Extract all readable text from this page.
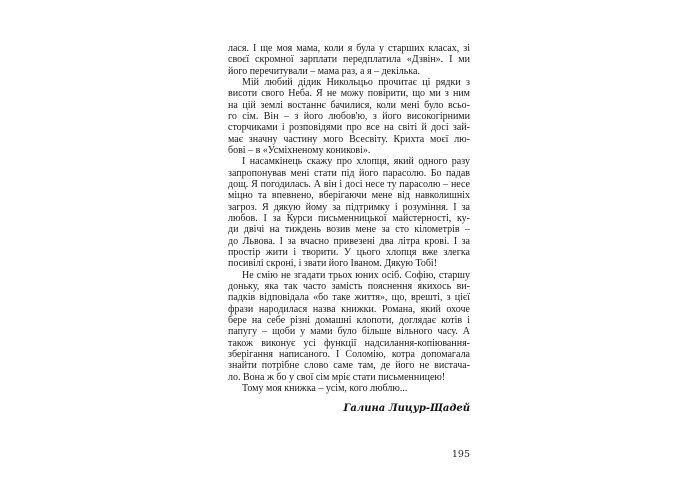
лася. І ще моя мама, коли я була у старших класах, зі
своєї скромної зарплати передплатила «Дзвін». І ми
його перечитували – мама раз, а я – декілька.
Мій любий дідик Никольцьо прочитає ці рядки з
висоти свого Неба. Я не можу повірити, що ми з ним
на цій землі востаннє бачилися, коли мені було всьо-
го сім. Він – з його любов'ю, з його високогірними
сторчиками і розповідями про все на світі й досі зай-
має значну частину мого Всесвіту. Крихта моєї лю-
бові – в «Усміхненому коникові».
І насамкінець скажу про хлопця, який одного разу
запропонував мені стати під його парасолю. Бо падав
дощ. Я погодилась. А він і досі несе ту парасолю – несе
міцно та впевнено, вберігаючи мене від навколишніх
загроз. Я дякую йому за підтримку і розуміння. І за
любов. І за Курси письменницької майстерності, ку-
ди двічі на тиждень возив мене за сто кілометрів –
до Львова. І за вчасно привезені два літра крові. І за
простір жити і творити. У цього хлопця вже злегка
посивілі скроні, і звати його Іваном. Дякую Тобі!
Не смію не згадати трьох юних осіб. Софію, старшу
доньку, яка так часто замість пояснення якихось ви-
падків відповідала «бо таке життя», що, врешті, з цієї
фрази народилася назва книжки. Романа, який охоче
бере на себе різні домашні клопоти, доглядає котів і
папугу – щоби у мами було більше вільного часу. А
також виконує усі функції надсилання-копіювання-
зберігання написаного. І Соломію, котра допомагала
знайти потрібне слово саме там, де його не вистача-
ло. Вона ж бо у свої сім мріє стати письменницею!
Тому моя книжка – усім, кого люблю...
Галина Лицур-Щадей
195
